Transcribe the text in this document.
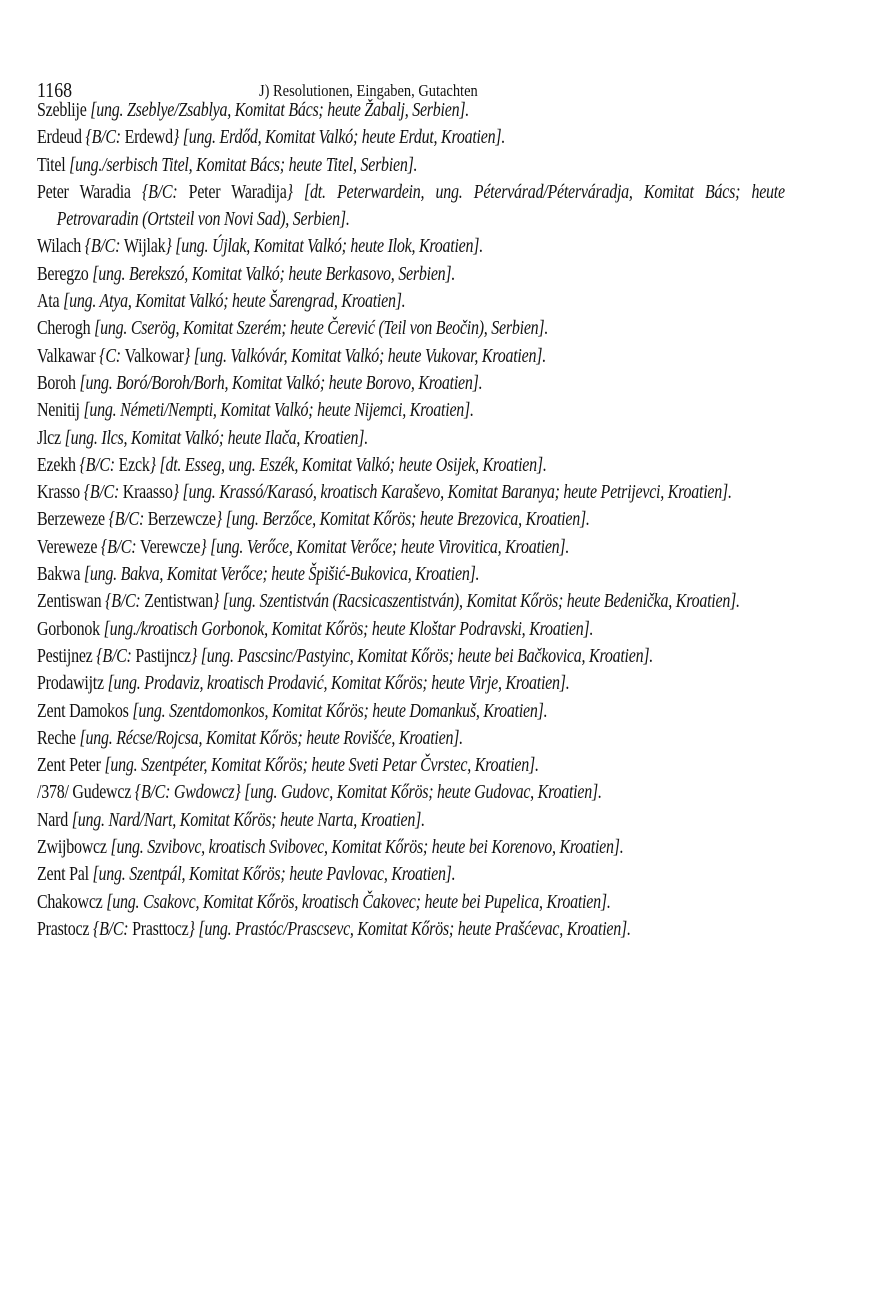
1168	J) Resolutionen, Eingaben, Gutachten

Szeblije [ung. Zseblye/Zsablya, Komitat Bács; heute Žabalj, Serbien].

Erdeud {B/C: Erdewd} [ung. Erdőd, Komitat Valkó; heute Erdut, Kroatien].

Titel [ung./serbisch Titel, Komitat Bács; heute Titel, Serbien].

Peter Waradia {B/C: Peter Waradija} [dt. Peterwardein, ung. Pétervárad/Péterváradja, Komitat Bács; heute Petrovaradin (Ortsteil von Novi Sad), Serbien].

Wilach {B/C: Wijlak} [ung. Újlak, Komitat Valkó; heute Ilok, Kroatien].

Beregzo [ung. Berekszó, Komitat Valkó; heute Berkasovo, Serbien].

Ata [ung. Atya, Komitat Valkó; heute Šarengrad, Kroatien].

Cherogh [ung. Cserög, Komitat Szerém; heute Čerević (Teil von Beočin), Serbien].

Valkawar {C: Valkowar} [ung. Valkóvár, Komitat Valkó; heute Vukovar, Kroatien].

Boroh [ung. Boró/Boroh/Borh, Komitat Valkó; heute Borovo, Kroatien].

Nenitij [ung. Németi/Nempti, Komitat Valkó; heute Nijemci, Kroatien].

Jlcz [ung. Ilcs, Komitat Valkó; heute Ilača, Kroatien].

Ezekh {B/C: Ezck} [dt. Esseg, ung. Eszék, Komitat Valkó; heute Osijek, Kroatien].

Krasso {B/C: Kraasso} [ung. Krassó/Karasó, kroatisch Karaševo, Komitat Baranya; heute Petrijevci, Kroatien].

Berzeweze {B/C: Berzewcze} [ung. Berzőce, Komitat Kőrös; heute Brezovica, Kroatien].

Vereweze {B/C: Verewcze} [ung. Verőce, Komitat Verőce; heute Virovitica, Kroatien].

Bakwa [ung. Bakva, Komitat Verőce; heute Špišić-Bukovica, Kroatien].

Zentiswan {B/C: Zentistwan} [ung. Szentistván (Racsicaszentistván), Komitat Kőrös; heute Bedenička, Kroatien].

Gorbonok [ung./kroatisch Gorbonok, Komitat Kőrös; heute Kloštar Podravski, Kroatien].

Pestijnez {B/C: Pastijncz} [ung. Pascsinc/Pastyinc, Komitat Kőrös; heute bei Bačkovica, Kroatien].

Prodawijtz [ung. Prodaviz, kroatisch Prodavić, Komitat Kőrös; heute Virje, Kroatien].

Zent Damokos [ung. Szentdomonkos, Komitat Kőrös; heute Domankuš, Kroatien].

Reche [ung. Récse/Rojcsa, Komitat Kőrös; heute Rovišće, Kroatien].

Zent Peter [ung. Szentpéter, Komitat Kőrös; heute Sveti Petar Čvrstec, Kroatien].

/378/ Gudewcz {B/C: Gwdowcz} [ung. Gudovc, Komitat Kőrös; heute Gudovac, Kroatien].

Nard [ung. Nard/Nart, Komitat Kőrös; heute Narta, Kroatien].

Zwijbowcz [ung. Szvibovc, kroatisch Svibovec, Komitat Kőrös; heute bei Korenovo, Kroatien].

Zent Pal [ung. Szentpál, Komitat Kőrös; heute Pavlovac, Kroatien].

Chakowcz [ung. Csakovc, Komitat Kőrös, kroatisch Čakovec; heute bei Pupelica, Kroatien].

Prastocz {B/C: Prasttocz} [ung. Prastóc/Prascsevc, Komitat Kőrös; heute Prašćevac, Kroatien].
